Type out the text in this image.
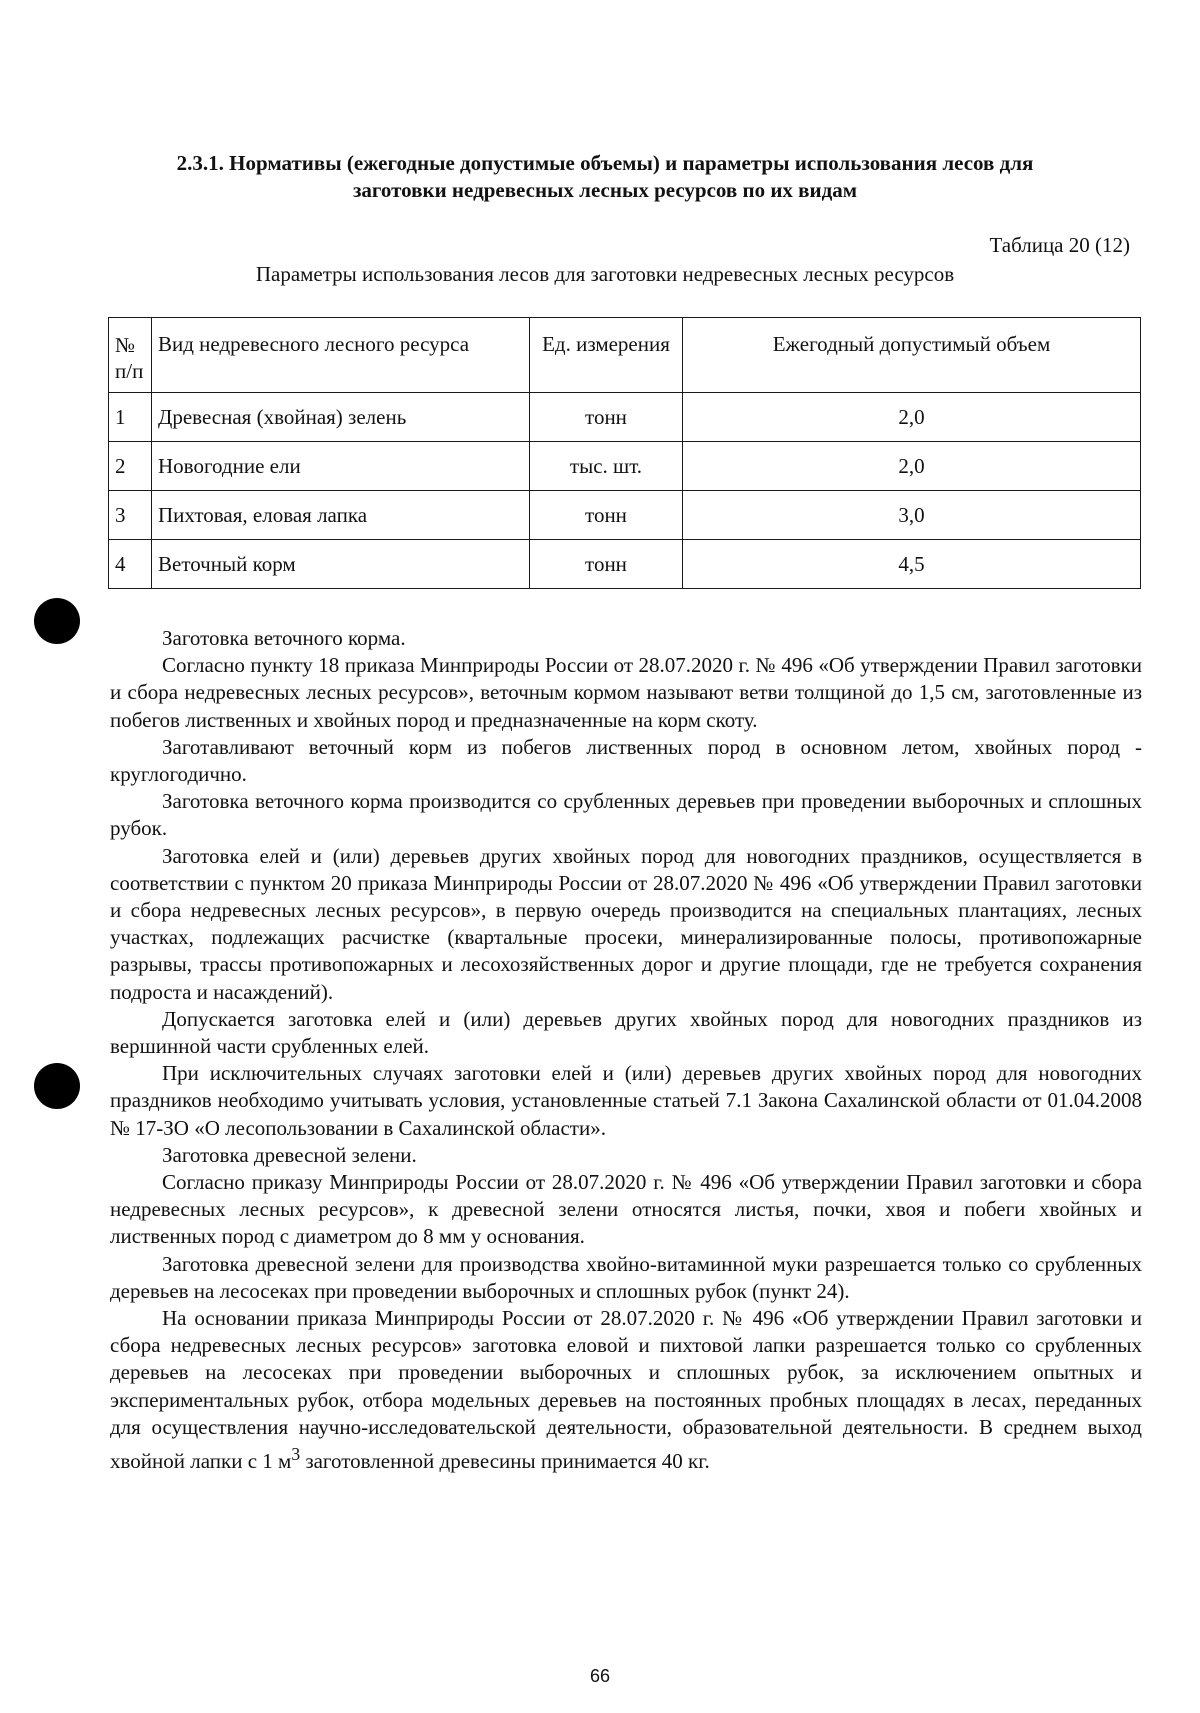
2.3.1. Нормативы (ежегодные допустимые объемы) и параметры использования лесов для
заготовки недревесных лесных ресурсов по их видам
Таблица 20 (12)
Параметры использования лесов для заготовки недревесных лесных ресурсов
№
п/п	Вид недревесного лесного ресурса	Ед. измерения	Ежегодный допустимый объем
1	Древесная (хвойная) зелень	тонн	2,0
2	Новогодние ели	тыс. шт.	2,0
3	Пихтовая, еловая лапка	тонн	3,0
4	Веточный корм	тонн	4,5

Заготовка веточного корма.

Согласно пункту 18 приказа Минприроды России от 28.07.2020 г. № 496 «Об утверждении Правил заготовки и сбора недревесных лесных ресурсов», веточным кормом называют ветви толщиной до 1,5 см, заготовленные из побегов лиственных и хвойных пород и предназначенные на корм скоту.

Заготавливают веточный корм из побегов лиственных пород в основном летом, хвойных пород - круглогодично.

Заготовка веточного корма производится со срубленных деревьев при проведении выборочных и сплошных рубок.

Заготовка елей и (или) деревьев других хвойных пород для новогодних праздников, осуществляется в соответствии с пунктом 20 приказа Минприроды России от 28.07.2020 № 496 «Об утверждении Правил заготовки и сбора недревесных лесных ресурсов», в первую очередь производится на специальных плантациях, лесных участках, подлежащих расчистке (квартальные просеки, минерализированные полосы, противопожарные разрывы, трассы противопожарных и лесохозяйственных дорог и другие площади, где не требуется сохранения подроста и насаждений).

Допускается заготовка елей и (или) деревьев других хвойных пород для новогодних праздников из вершинной части срубленных елей.

При исключительных случаях заготовки елей и (или) деревьев других хвойных пород для новогодних праздников необходимо учитывать условия, установленные статьей 7.1 Закона Сахалинской области от 01.04.2008 № 17-ЗО «О лесопользовании в Сахалинской области».

Заготовка древесной зелени.

Согласно приказу Минприроды России от 28.07.2020 г. № 496 «Об утверждении Правил заготовки и сбора недревесных лесных ресурсов», к древесной зелени относятся листья, почки, хвоя и побеги хвойных и лиственных пород с диаметром до 8 мм у основания.

Заготовка древесной зелени для производства хвойно-витаминной муки разрешается только со срубленных деревьев на лесосеках при проведении выборочных и сплошных рубок (пункт 24).

На основании приказа Минприроды России от 28.07.2020 г. № 496 «Об утверждении Правил заготовки и сбора недревесных лесных ресурсов» заготовка еловой и пихтовой лапки разрешается только со срубленных деревьев на лесосеках при проведении выборочных и сплошных рубок, за исключением опытных и экспериментальных рубок, отбора модельных деревьев на постоянных пробных площадях в лесах, переданных для осуществления научно-исследовательской деятельности, образовательной деятельности. В среднем выход хвойной лапки с 1 $м^3$ заготовленной древесины принимается 40 кг.

66
